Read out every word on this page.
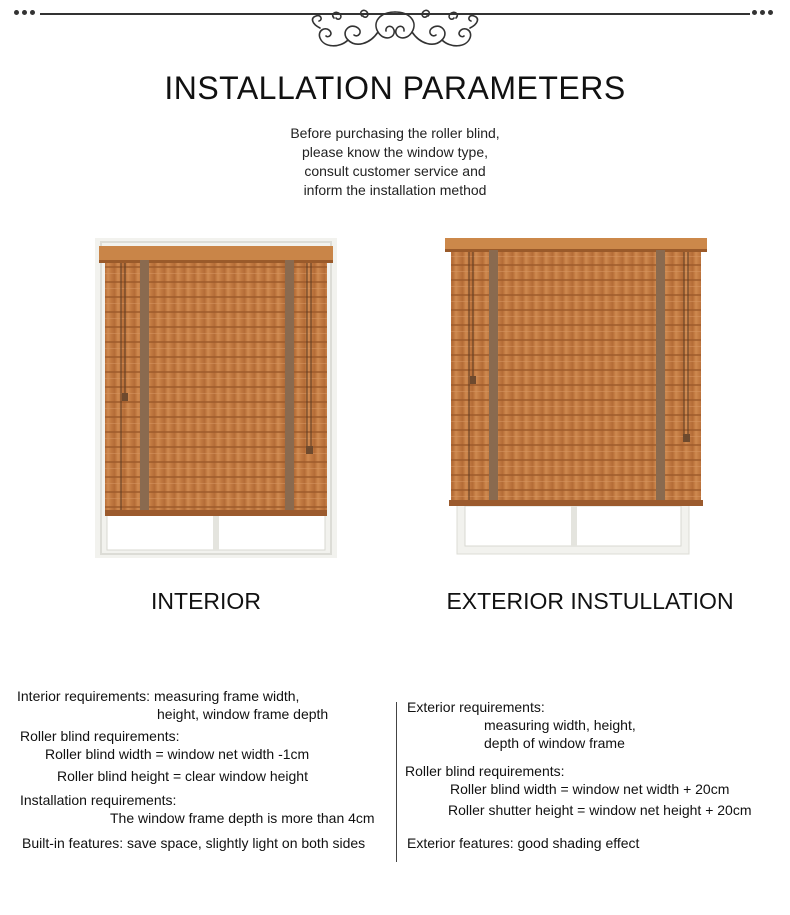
INSTALLATION PARAMETERS
Before purchasing the roller blind,
please know the window type,
consult customer service and
inform the installation method
INTERIOR	EXTERIOR INSTULLATION
Interior requirements: measuring frame width,
height, window frame depth
Roller blind requirements:
Roller blind width = window net width -1cm
Roller blind height = clear window height
Installation requirements:
The window frame depth is more than 4cm
Built-in features: save space, slightly light on both sides
Exterior requirements:
measuring width, height,
depth of window frame
Roller blind requirements:
Roller blind width = window net width + 20cm
Roller shutter height = window net height + 20cm
Exterior features: good shading effect
